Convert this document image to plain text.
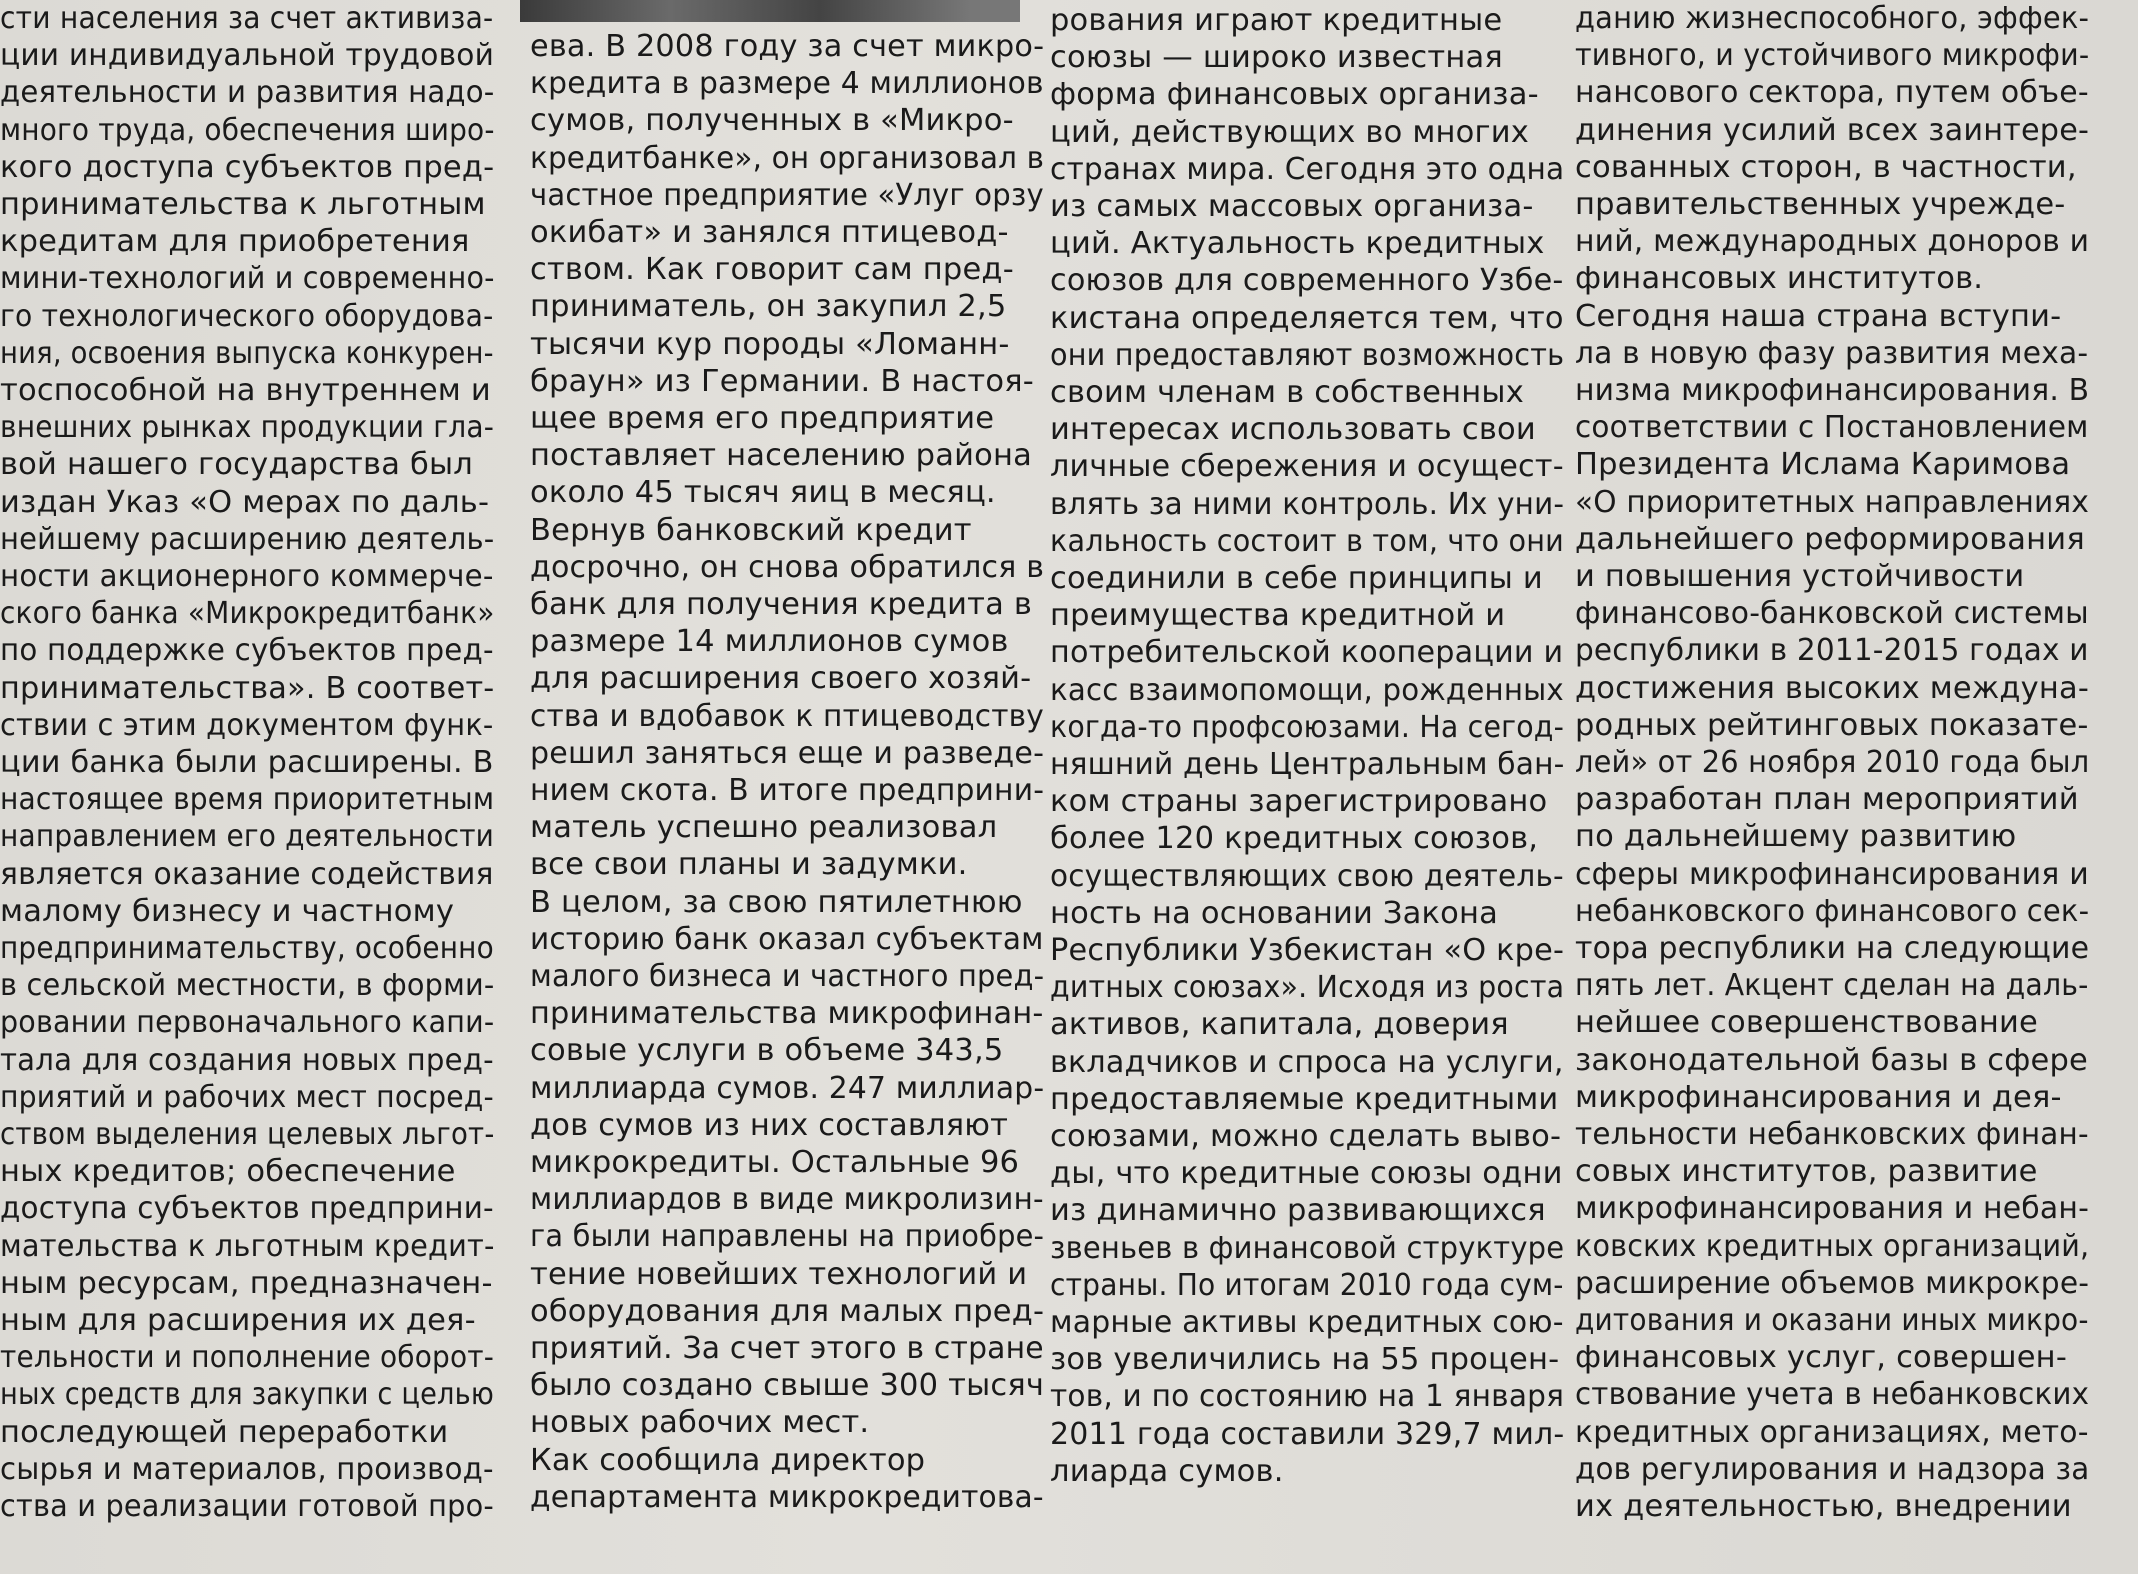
сти населения за счет активиза-
ции индивидуальной трудовой
деятельности и развития надо-
много труда, обеспечения широ-
кого доступа субъектов пред-
принимательства к льготным
кредитам для приобретения
мини-технологий и современно-
го технологического оборудова-
ния, освоения выпуска конкурен-
тоспособной на внутреннем и
внешних рынках продукции гла-
вой нашего государства был
издан Указ «О мерах по даль-
нейшему расширению деятель-
ности акционерного коммерче-
ского банка «Микрокредитбанк»
по поддержке субъектов пред-
принимательства». В соответ-
ствии с этим документом функ-
ции банка были расширены. В
настоящее время приоритетным
направлением его деятельности
является оказание содействия
малому бизнесу и частному
предпринимательству, особенно
в сельской местности, в форми-
ровании первоначального капи-
тала для создания новых пред-
приятий и рабочих мест посред-
ством выделения целевых льгот-
ных кредитов; обеспечение
доступа субъектов предприни-
мательства к льготным кредит-
ным ресурсам, предназначен-
ным для расширения их дея-
тельности и пополнение оборот-
ных средств для закупки с целью
последующей переработки
сырья и материалов, производ-
ства и реализации готовой про-
ева. В 2008 году за счет микро-
кредита в размере 4 миллионов
сумов, полученных в «Микро-
кредитбанке», он организовал в
частное предприятие «Улуг орзу
окибат» и занялся птицевод-
ством. Как говорит сам пред-
приниматель, он закупил 2,5
тысячи кур породы «Ломанн-
браун» из Германии. В настоя-
щее время его предприятие
поставляет населению района
около 45 тысяч яиц в месяц.
Вернув банковский кредит
досрочно, он снова обратился в
банк для получения кредита в
размере 14 миллионов сумов
для расширения своего хозяй-
ства и вдобавок к птицеводству
решил заняться еще и разведе-
нием скота. В итоге предприни-
матель успешно реализовал
все свои планы и задумки.
В целом, за свою пятилетнюю
историю банк оказал субъектам
малого бизнеса и частного пред-
принимательства микрофинан-
совые услуги в объеме 343,5
миллиарда сумов. 247 миллиар-
дов сумов из них составляют
микрокредиты. Остальные 96
миллиардов в виде микролизин-
га были направлены на приобре-
тение новейших технологий и
оборудования для малых пред-
приятий. За счет этого в стране
было создано свыше 300 тысяч
новых рабочих мест.
Как сообщила директор
департамента микрокредитова-
рования играют кредитные
союзы — широко известная
форма финансовых организа-
ций, действующих во многих
странах мира. Сегодня это одна
из самых массовых организа-
ций. Актуальность кредитных
союзов для современного Узбе-
кистана определяется тем, что
они предоставляют возможность
своим членам в собственных
интересах использовать свои
личные сбережения и осущест-
влять за ними контроль. Их уни-
кальность состоит в том, что они
соединили в себе принципы и
преимущества кредитной и
потребительской кооперации и
касс взаимопомощи, рожденных
когда-то профсоюзами. На сегод-
няшний день Центральным бан-
ком страны зарегистрировано
более 120 кредитных союзов,
осуществляющих свою деятель-
ность на основании Закона
Республики Узбекистан «О кре-
дитных союзах». Исходя из роста
активов, капитала, доверия
вкладчиков и спроса на услуги,
предоставляемые кредитными
союзами, можно сделать выво-
ды, что кредитные союзы одни
из динамично развивающихся
звеньев в финансовой структуре
страны. По итогам 2010 года сум-
марные активы кредитных сою-
зов увеличились на 55 процен-
тов, и по состоянию на 1 января
2011 года составили 329,7 мил-
лиарда сумов.
данию жизнеспособного, эффек-
тивного, и устойчивого микрофи-
нансового сектора, путем объе-
динения усилий всех заинтере-
сованных сторон, в частности,
правительственных учрежде-
ний, международных доноров и
финансовых институтов.
Сегодня наша страна вступи-
ла в новую фазу развития меха-
низма микрофинансирования. В
соответствии с Постановлением
Президента Ислама Каримова
«О приоритетных направлениях
дальнейшего реформирования
и повышения устойчивости
финансово-банковской системы
республики в 2011-2015 годах и
достижения высоких междуна-
родных рейтинговых показате-
лей» от 26 ноября 2010 года был
разработан план мероприятий
по дальнейшему развитию
сферы микрофинансирования и
небанковского финансового сек-
тора республики на следующие
пять лет. Акцент сделан на даль-
нейшее совершенствование
законодательной базы в сфере
микрофинансирования и дея-
тельности небанковских финан-
совых институтов, развитие
микрофинансирования и небан-
ковских кредитных организаций,
расширение объемов микрокре-
дитования и оказани иных микро-
финансовых услуг, совершен-
ствование учета в небанковских
кредитных организациях, мето-
дов регулирования и надзора за
их деятельностью, внедрении
